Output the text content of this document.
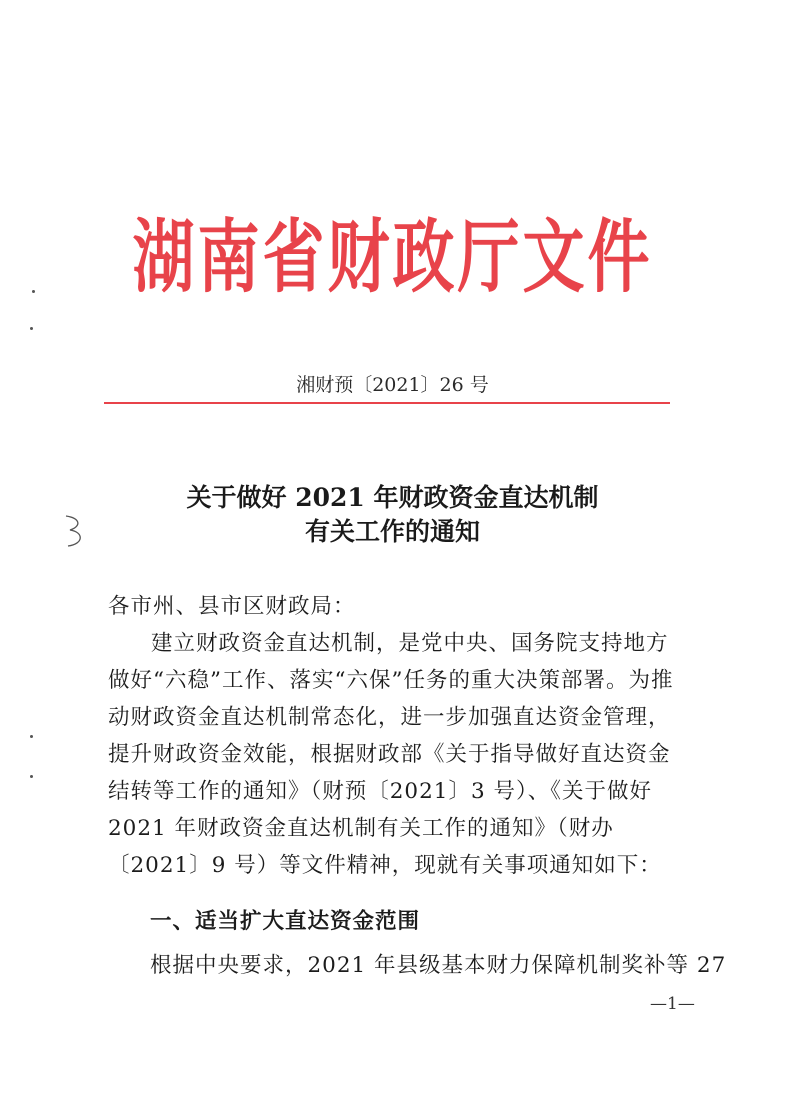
湖南省财政厅文件
湘财预〔2021〕26 号
关于做好 2021 年财政资金直达机制
有关工作的通知
各市州、县市区财政局：
建立财政资金直达机制，是党中央、国务院支持地方做好“六稳”工作、落实“六保”任务的重大决策部署。为推动财政资金直达机制常态化，进一步加强直达资金管理，提升财政资金效能，根据财政部《关于指导做好直达资金结转等工作的通知》（财预〔2021〕3 号）、《关于做好 2021 年财政资金直达机制有关工作的通知》（财办〔2021〕9 号）等文件精神，现就有关事项通知如下：
一、适当扩大直达资金范围
根据中央要求，2021 年县级基本财力保障机制奖补等 27
—1—
